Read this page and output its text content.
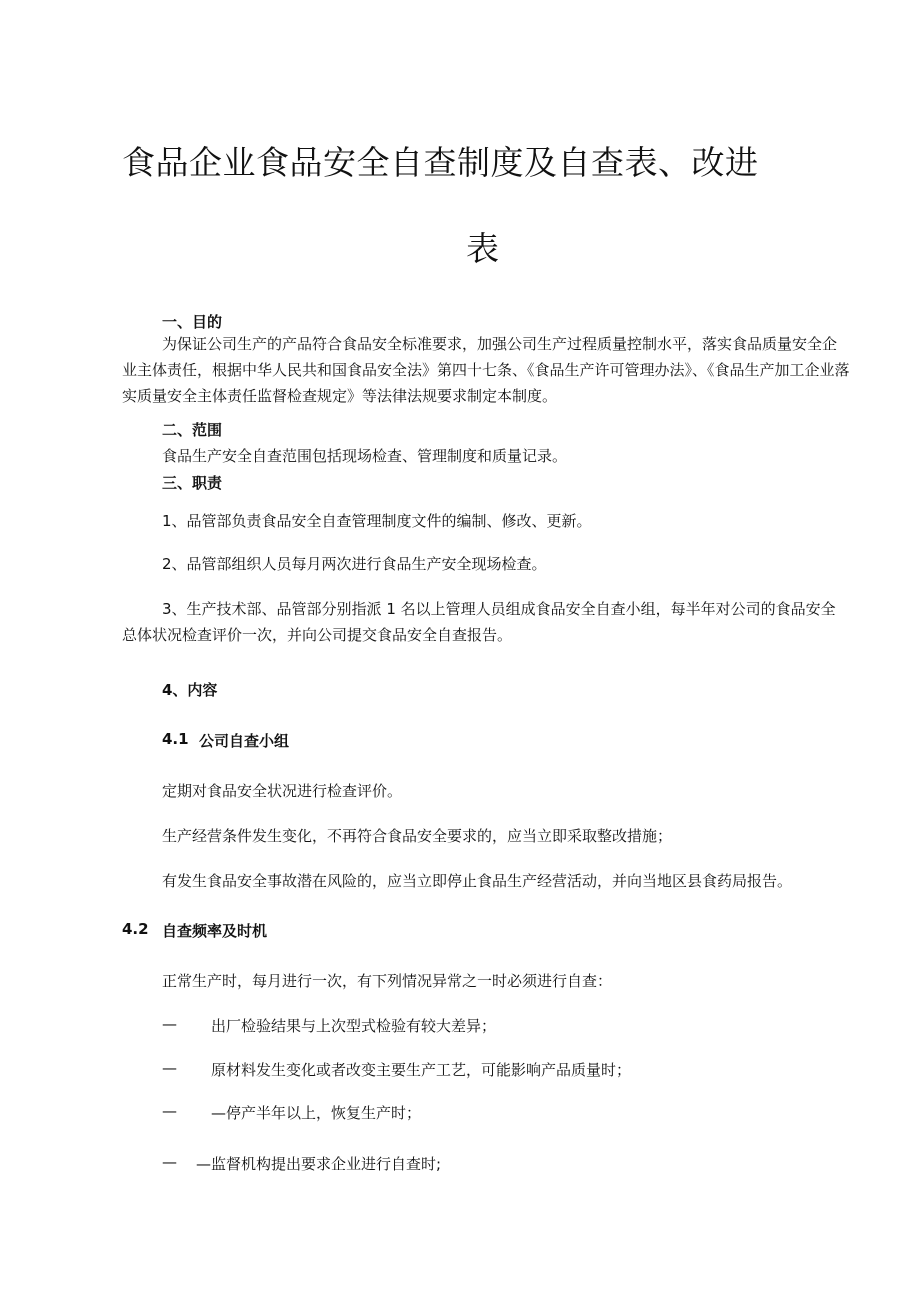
食品企业食品安全自查制度及自查表、改进
表
一、目的
为保证公司生产的产品符合食品安全标准要求，加强公司生产过程质量控制水平，落实食品质量安全企业主体责任，根据中华人民共和国食品安全法》第四十七条、《食品生产许可管理办法》、《食品生产加工企业落实质量安全主体责任监督检查规定》等法律法规要求制定本制度。
二、范围
食品生产安全自查范围包括现场检查、管理制度和质量记录。
三、职责
1、品管部负责食品安全自查管理制度文件的编制、修改、更新。
2、品管部组织人员每月两次进行食品生产安全现场检查。
3、生产技术部、品管部分别指派 1 名以上管理人员组成食品安全自查小组，每半年对公司的食品安全总体状况检查评价一次，并向公司提交食品安全自查报告。
4、内容
4.1 公司自查小组
定期对食品安全状况进行检查评价。
生产经营条件发生变化，不再符合食品安全要求的，应当立即采取整改措施；
有发生食品安全事故潜在风险的，应当立即停止食品生产经营活动，并向当地区县食药局报告。
4.2 自查频率及时机
正常生产时，每月进行一次，有下列情况异常之一时必须进行自查：
— 出厂检验结果与上次型式检验有较大差异；
— 原材料发生变化或者改变主要生产工艺，可能影响产品质量时；
— —停产半年以上，恢复生产时；
— —监督机构提出要求企业进行自查时;
